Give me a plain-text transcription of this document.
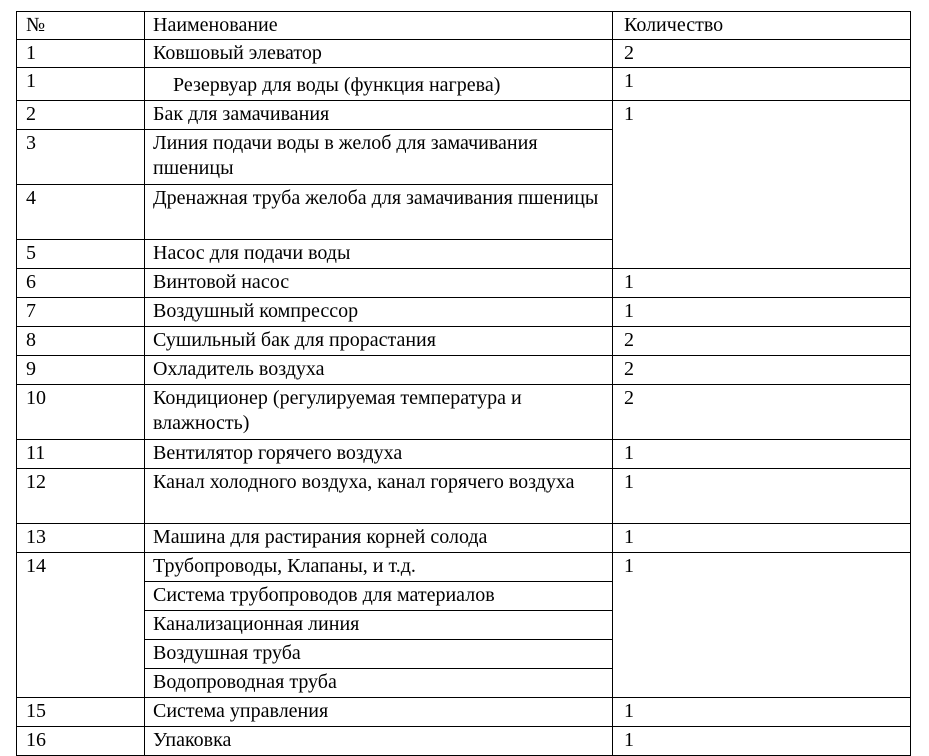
№	Наименование	Количество
1	Ковшовый элеватор	2
1	Резервуар для воды (функция нагрева)	1
2	Бак для замачивания	1
3	Линия подачи воды в желоб для замачивания пшеницы	
4	Дренажная труба желоба для замачивания пшеницы	
5	Насос для подачи воды	
6	Винтовой насос	1
7	Воздушный компрессор	1
8	Сушильный бак для прорастания	2
9	Охладитель воздуха	2
10	Кондиционер (регулируемая температура и влажность)	2
11	Вентилятор горячего воздуха	1
12	Канал холодного воздуха, канал горячего воздуха	1
13	Машина для растирания корней солода	1
14	Трубопроводы, Клапаны, и т.д.	1
	Система трубопроводов для материалов	
	Канализационная линия	
	Воздушная труба	
	Водопроводная труба	
15	Система управления	1
16	Упаковка	1
